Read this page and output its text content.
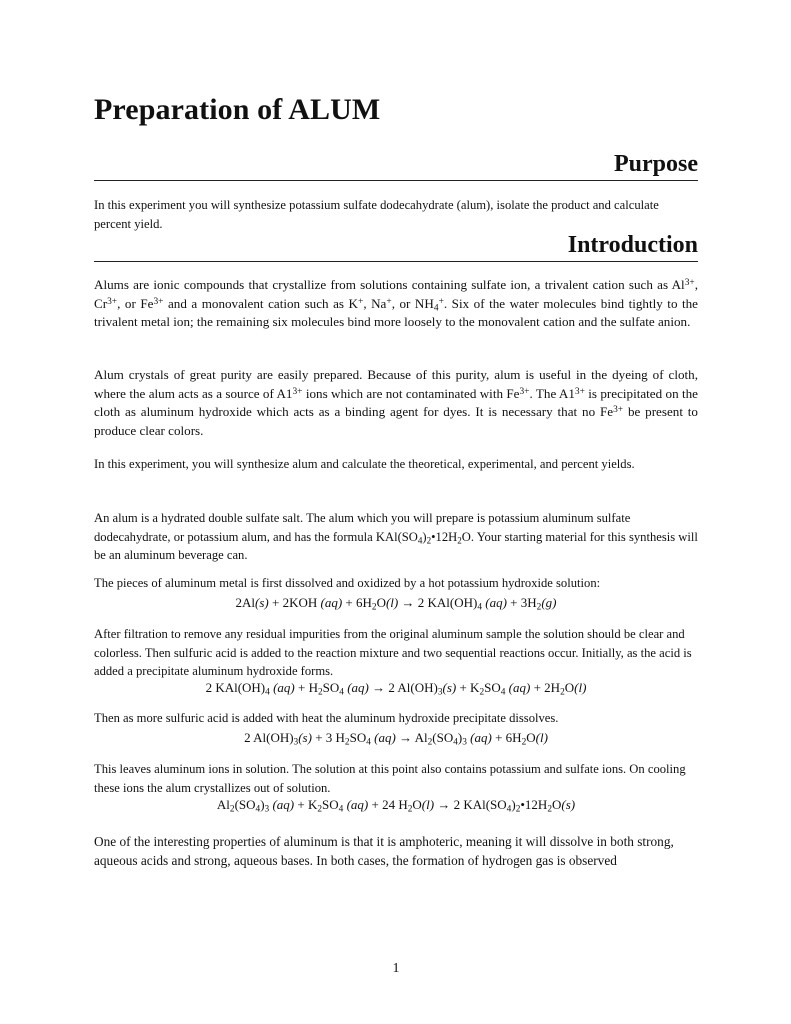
Preparation of ALUM
Purpose

In this experiment you will synthesize potassium sulfate dodecahydrate (alum), isolate the product and calculate percent yield.

Introduction

Alums are ionic compounds that crystallize from solutions containing sulfate ion, a trivalent cation such as $Al^{3+}$, $Cr^{3+}$, or $Fe^{3+}$ and a monovalent cation such as K+, Na+, or $NH_4^+$. Six of the water molecules bind tightly to the trivalent metal ion; the remaining six molecules bind more loosely to the monovalent cation and the sulfate anion.

Alum crystals of great purity are easily prepared. Because of this purity, alum is useful in the dyeing of cloth, where the alum acts as a source of $A1^{3+}$ ions which are not contaminated with $Fe^{3+}$. The $A1^{3+}$ is precipitated on the cloth as aluminum hydroxide which acts as a binding agent for dyes. It is necessary that no $Fe^{3+}$ be present to produce clear colors.

In this experiment, you will synthesize alum and calculate the theoretical, experimental, and percent yields.

An alum is a hydrated double sulfate salt. The alum which you will prepare is potassium aluminum sulfate dodecahydrate, or potassium alum, and has the formula $KAl(SO_4)_2•12H_2O$. Your starting material for this synthesis will be an aluminum beverage can.

The pieces of aluminum metal is first dissolved and oxidized by a hot potassium hydroxide solution:

2Al(s) + 2KOH $(aq) + 6H_2O(l) \to 2$ $KAl(OH)_4$ $(aq) + 3H_2(g)$

After filtration to remove any residual impurities from the original aluminum sample the solution should be clear and colorless. Then sulfuric acid is added to the reaction mixture and two sequential reactions occur. Initially, as the acid is added a precipitate aluminum hydroxide forms.

2 $KAl(OH)_4$ $(aq) + H_2SO_4$ (aq) → 2 $Al(OH)_3(s) + K_2SO_4$ $(aq) + 2H_2O(l)$

Then as more sulfuric acid is added with heat the aluminum hydroxide precipitate dissolves.

2 $Al(OH)_3(s) + 3$ $H_2SO_4$ $(aq) \to Al_2(SO_4)_3$ $(aq) + 6H_2O(l)$

This leaves aluminum ions in solution. The solution at this point also contains potassium and sulfate ions. On cooling these ions the alum crystallizes out of solution.

$Al_2(SO_4)_3$ $(aq) + K_2SO_4$ (aq) + 24 $H_2O(l) \to 2$ $KAl(SO_4)_2•12H_2O(s)$

One of the interesting properties of aluminum is that it is amphoteric, meaning it will dissolve in both strong, aqueous acids and strong, aqueous bases. In both cases, the formation of hydrogen gas is observed

1
